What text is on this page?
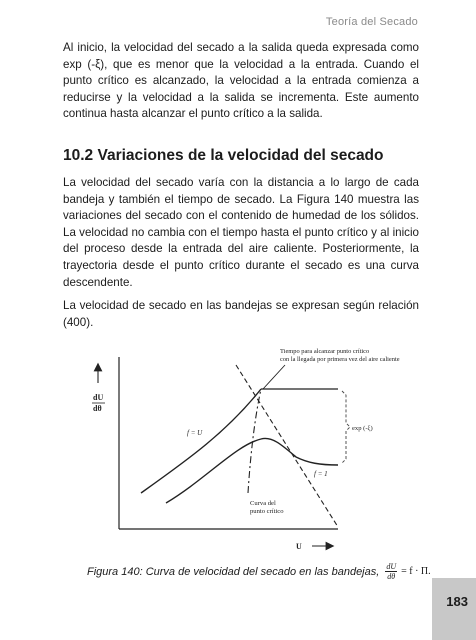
Teoría del Secado

Al inicio, la velocidad del secado a la salida queda expresada como exp (-ξ), que es menor que la velocidad a la entrada. Cuando el punto crítico es alcanzado, la velocidad a la entrada comienza a reducirse y la velocidad a la salida se incrementa. Este aumento continua hasta alcanzar el punto crítico a la salida.

10.2 Variaciones de la velocidad del secado

La velocidad del secado varía con la distancia a lo largo de cada bandeja y también el tiempo de secado. La Figura 140 muestra las variaciones del secado con el contenido de humedad de los sólidos. La velocidad no cambia con el tiempo hasta el punto crítico y al inicio del proceso desde la entrada del aire caliente. Posteriormente, la trayectoria desde el punto crítico durante el secado es una curva descendente.

La velocidad de secado en las bandejas se expresan según relación (400).

dU
dθ
U
Tiempo para alcanzar punto crítico
con la llegada por primera vez del aire caliente
exp (-ξ)
f = U
f = 1
Curva del
punto crítico
Figura 140: Curva de velocidad del secado en las bandejas, $\frac{dU}{d\theta} = f \cdot \Pi$.
183
